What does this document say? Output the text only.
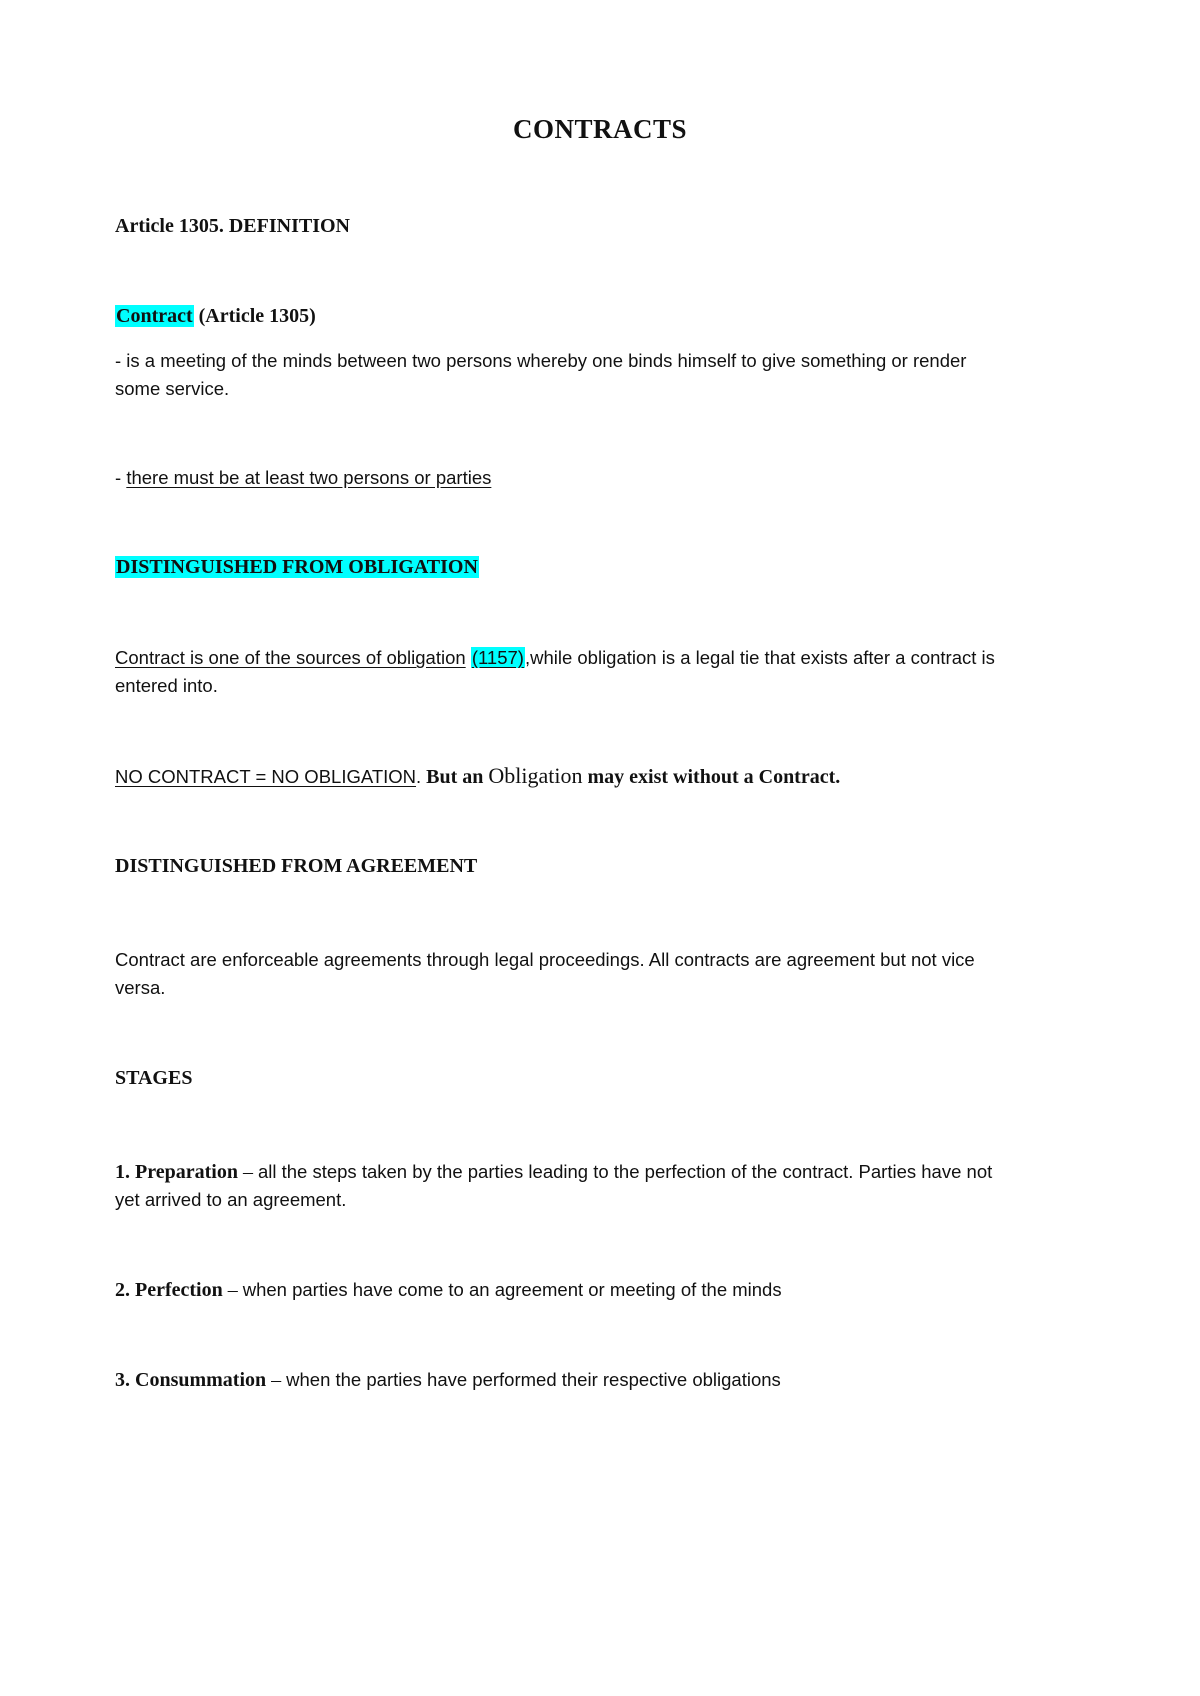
CONTRACTS
Article 1305. DEFINITION
Contract (Article 1305)
- is a meeting of the minds between two persons whereby one binds himself to give something or render
some service.
- there must be at least two persons or parties
DISTINGUISHED FROM OBLIGATION
Contract is one of the sources of obligation (1157),while obligation is a legal tie that exists after a contract is
entered into.
NO CONTRACT = NO OBLIGATION. But an Obligation may exist without a Contract.
DISTINGUISHED FROM AGREEMENT
Contract are enforceable agreements through legal proceedings. All contracts are agreement but not vice
versa.
STAGES
1. Preparation – all the steps taken by the parties leading to the perfection of the contract. Parties have not
yet arrived to an agreement.
2. Perfection – when parties have come to an agreement or meeting of the minds
3. Consummation – when the parties have performed their respective obligations
